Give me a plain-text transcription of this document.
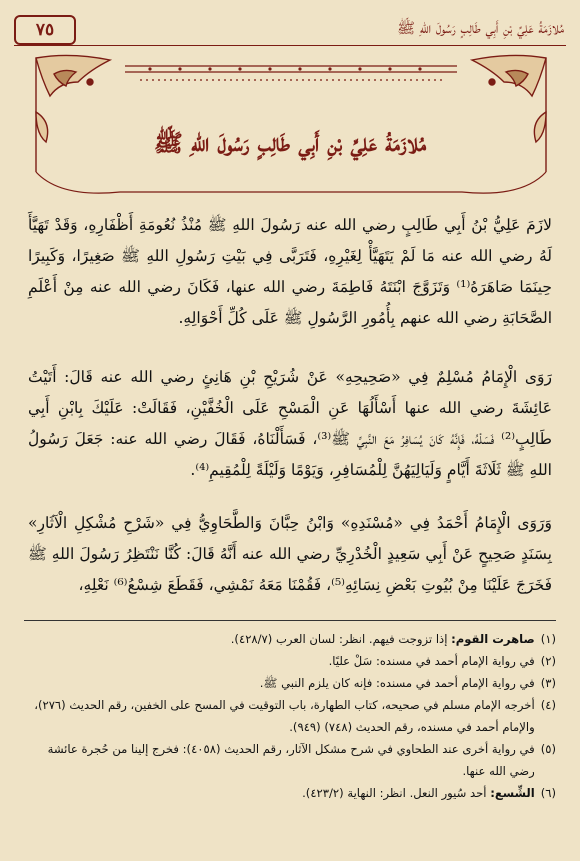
مُلازَمَةُ عَلِيِّ بْنِ أَبِي طَالِبٍ رَسُولَ اللهِ ﷺ
٧٥
مُلازَمَةُ عَلِيِّ بْنِ أَبِي طَالِبٍ رَسُولَ اللهِ ﷺ

لازَمَ عَلِيُّ بْنُ أَبِي طَالِبٍ رضي الله عنه رَسُولَ اللهِ ﷺ مُنْذُ نُعُومَةِ أَظْفَارِهِ، وَقَدْ تَهَيَّأَ لَهُ رضي الله عنه مَا لَمْ يَتَهَيَّأْ لِغَيْرِهِ، فَتَرَبَّى فِي بَيْتِ رَسُولِ اللهِ ﷺ صَغِيرًا، وَكَبِيرًا حِينَمَا صَاهَرَهُ⁽¹⁾ وَتَزَوَّجَ ابْنَتَهُ فَاطِمَةَ رضي الله عنها، فَكَانَ رضي الله عنه مِنْ أَعْلَمِ الصَّحَابَةِ رضي الله عنهم بِأُمُورِ الرَّسُولِ ﷺ عَلَى كُلِّ أَحْوَالِهِ.

رَوَى الْإِمَامُ مُسْلِمٌ فِي «صَحِيحِهِ» عَنْ شُرَيْحِ بْنِ هَانِئٍ رضي الله عنه قَالَ: أَتَيْتُ عَائِشَةَ رضي الله عنها أَسْأَلُهَا عَنِ الْمَسْحِ عَلَى الْخُفَّيْنِ، فَقَالَتْ: عَلَيْكَ بِابْنِ أَبِي طَالِبٍ⁽²⁾ فَسَلْهُ، فَإِنَّهُ كَانَ يُسَافِرُ مَعَ النَّبِيِّ ﷺ⁽³⁾، فَسَأَلْنَاهُ، فَقَالَ رضي الله عنه: جَعَلَ رَسُولُ اللهِ ﷺ ثَلَاثَةَ أَيَّامٍ وَلَيَالِيَهُنَّ لِلْمُسَافِرِ، وَيَوْمًا وَلَيْلَةً لِلْمُقِيمِ⁽⁴⁾.

وَرَوَى الْإِمَامُ أَحْمَدُ فِي «مُسْنَدِهِ» وَابْنُ حِبَّانَ وَالطَّحَاوِيُّ فِي «شَرْحِ مُشْكِلِ الْآثَارِ» بِسَنَدٍ صَحِيحٍ عَنْ أَبِي سَعِيدٍ الْخُدْرِيِّ رضي الله عنه أَنَّهُ قَالَ: كُنَّا نَنْتَظِرُ رَسُولَ اللهِ ﷺ فَخَرَجَ عَلَيْنَا مِنْ بُيُوتِ بَعْضِ نِسَائِهِ⁽⁵⁾، فَقُمْنَا مَعَهُ نَمْشِي، فَقَطَعَ شِسْعُ⁽⁶⁾ نَعْلِهِ،

(١)
صاهرت القوم: إذا تزوجت فيهم. انظر: لسان العرب (٤٢٨/٧).
(٢)
في رواية الإمام أحمد في مسنده: سَلْ عليًا.
(٣)
في رواية الإمام أحمد في مسنده: فإنه كان يلزم النبي ﷺ.
(٤)
أخرجه الإمام مسلم في صحيحه، كتاب الطهارة، باب التوقيت في المسح على الخفين، رقم الحديث (٢٧٦)، والإمام أحمد في مسنده، رقم الحديث (٧٤٨) (٩٤٩).
(٥)
في رواية أخرى عند الطحاوي في شرح مشكل الآثار، رقم الحديث (٤٠٥٨): فخرج إلينا من حُجرة عائشة رضي الله عنها.
(٦)
الشِّسع: أحد سُيور النعل. انظر: النهاية (٤٢٣/٢).
